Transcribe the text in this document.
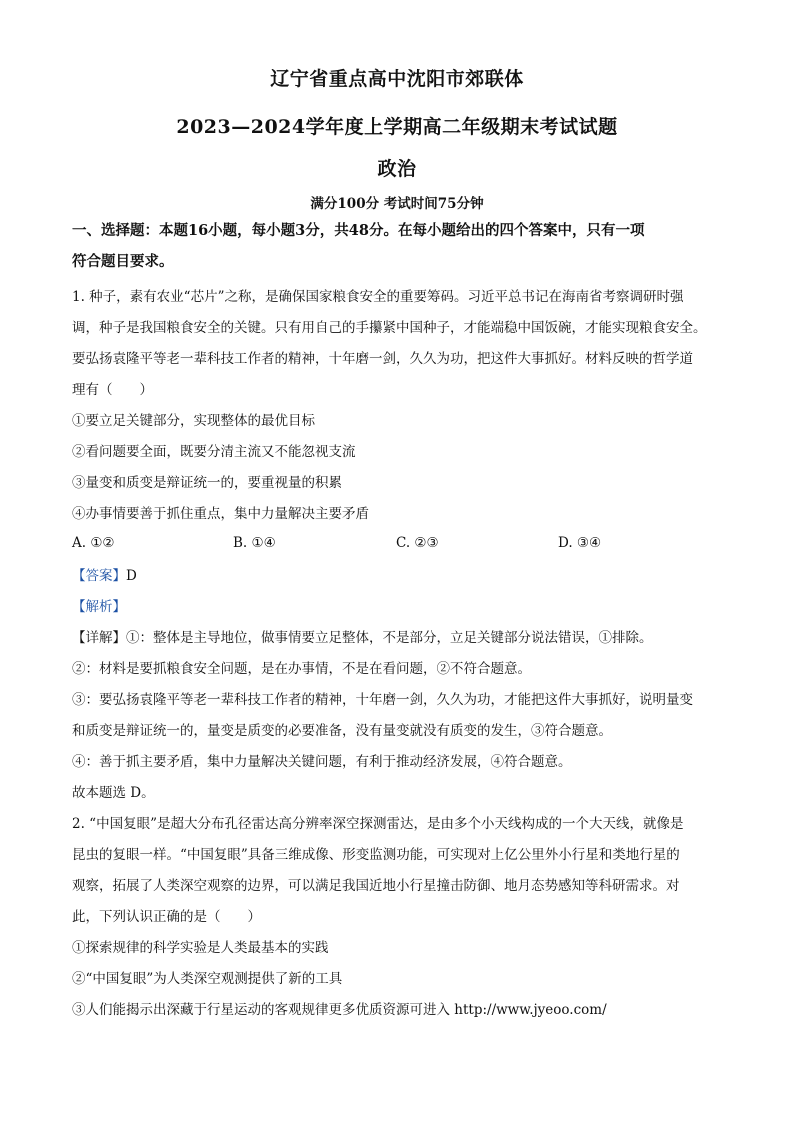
辽宁省重点高中沈阳市郊联体
2023—2024学年度上学期高二年级期末考试试题
政治
满分100分 考试时间75分钟
一、选择题：本题16小题，每小题3分，共48分。在每小题给出的四个答案中，只有一项
符合题目要求。
1. 种子，素有农业“芯片”之称，是确保国家粮食安全的重要筹码。习近平总书记在海南省考察调研时强
调，种子是我国粮食安全的关键。只有用自己的手攥紧中国种子，才能端稳中国饭碗，才能实现粮食安全。
要弘扬袁隆平等老一辈科技工作者的精神，十年磨一剑，久久为功，把这件大事抓好。材料反映的哲学道
理有（　　）
①要立足关键部分，实现整体的最优目标
②看问题要全面，既要分清主流又不能忽视支流
③量变和质变是辩证统一的，要重视量的积累
④办事情要善于抓住重点，集中力量解决主要矛盾
A. ①②	B. ①④	C. ②③	D. ③④
【答案】D
【解析】
【详解】①：整体是主导地位，做事情要立足整体，不是部分，立足关键部分说法错误，①排除。
②：材料是要抓粮食安全问题，是在办事情，不是在看问题，②不符合题意。
③：要弘扬袁隆平等老一辈科技工作者的精神，十年磨一剑，久久为功，才能把这件大事抓好，说明量变
和质变是辩证统一的，量变是质变的必要准备，没有量变就没有质变的发生，③符合题意。
④：善于抓主要矛盾，集中力量解决关键问题，有利于推动经济发展，④符合题意。
故本题选 D。
2. “中国复眼”是超大分布孔径雷达高分辨率深空探测雷达，是由多个小天线构成的一个大天线，就像是
昆虫的复眼一样。“中国复眼”具备三维成像、形变监测功能，可实现对上亿公里外小行星和类地行星的
观察，拓展了人类深空观察的边界，可以满足我国近地小行星撞击防御、地月态势感知等科研需求。对
此，下列认识正确的是（　　）
①探索规律的科学实验是人类最基本的实践
②“中国复眼”为人类深空观测提供了新的工具
③人们能揭示出深藏于行星运动的客观规律更多优质资源可进入 http://www.jyeoo.com/
